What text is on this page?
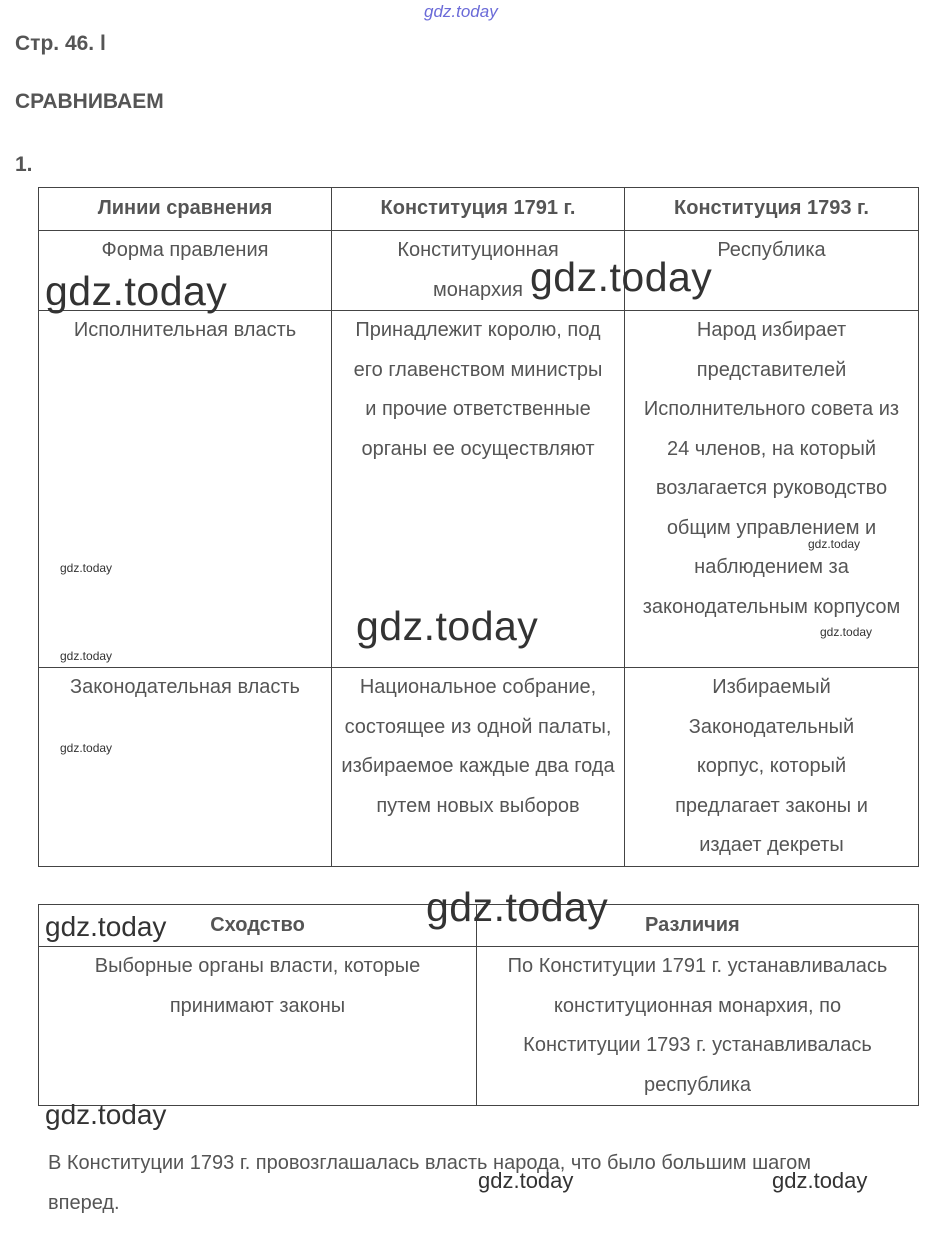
Стр. 46. l
СРАВНИВАЕМ
1.
Линии сравнения	Конституция 1791 г.	Конституция 1793 г.
Форма правления	Конституционная монархия	Республика
Исполнительная власть	Принадлежит королю, под его главенством министры и прочие ответственные органы ее осуществляют	Народ избирает представителей Исполнительного совета из 24 членов, на который возлагается руководство общим управлением и наблюдением за законодательным корпусом
Законодательная власть	Национальное собрание, состоящее из одной палаты, избираемое каждые два года путем новых выборов	Избираемый Законодательный корпус, который предлагает законы и издает декреты
Сходство	Различия
Выборные органы власти, которые принимают законы	По Конституции 1791 г. устанавливалась конституционная монархия, по Конституции 1793 г. устанавливалась республика
В Конституции 1793 г. провозглашалась власть народа, что было большим шагом вперед.
gdz.today
gdz.today	gdz.today
gdz.today
gdz.today
gdz.today
gdz.today
gdz.today
gdz.today
gdz.today
gdz.today
gdz.today
gdz.today	gdz.today
